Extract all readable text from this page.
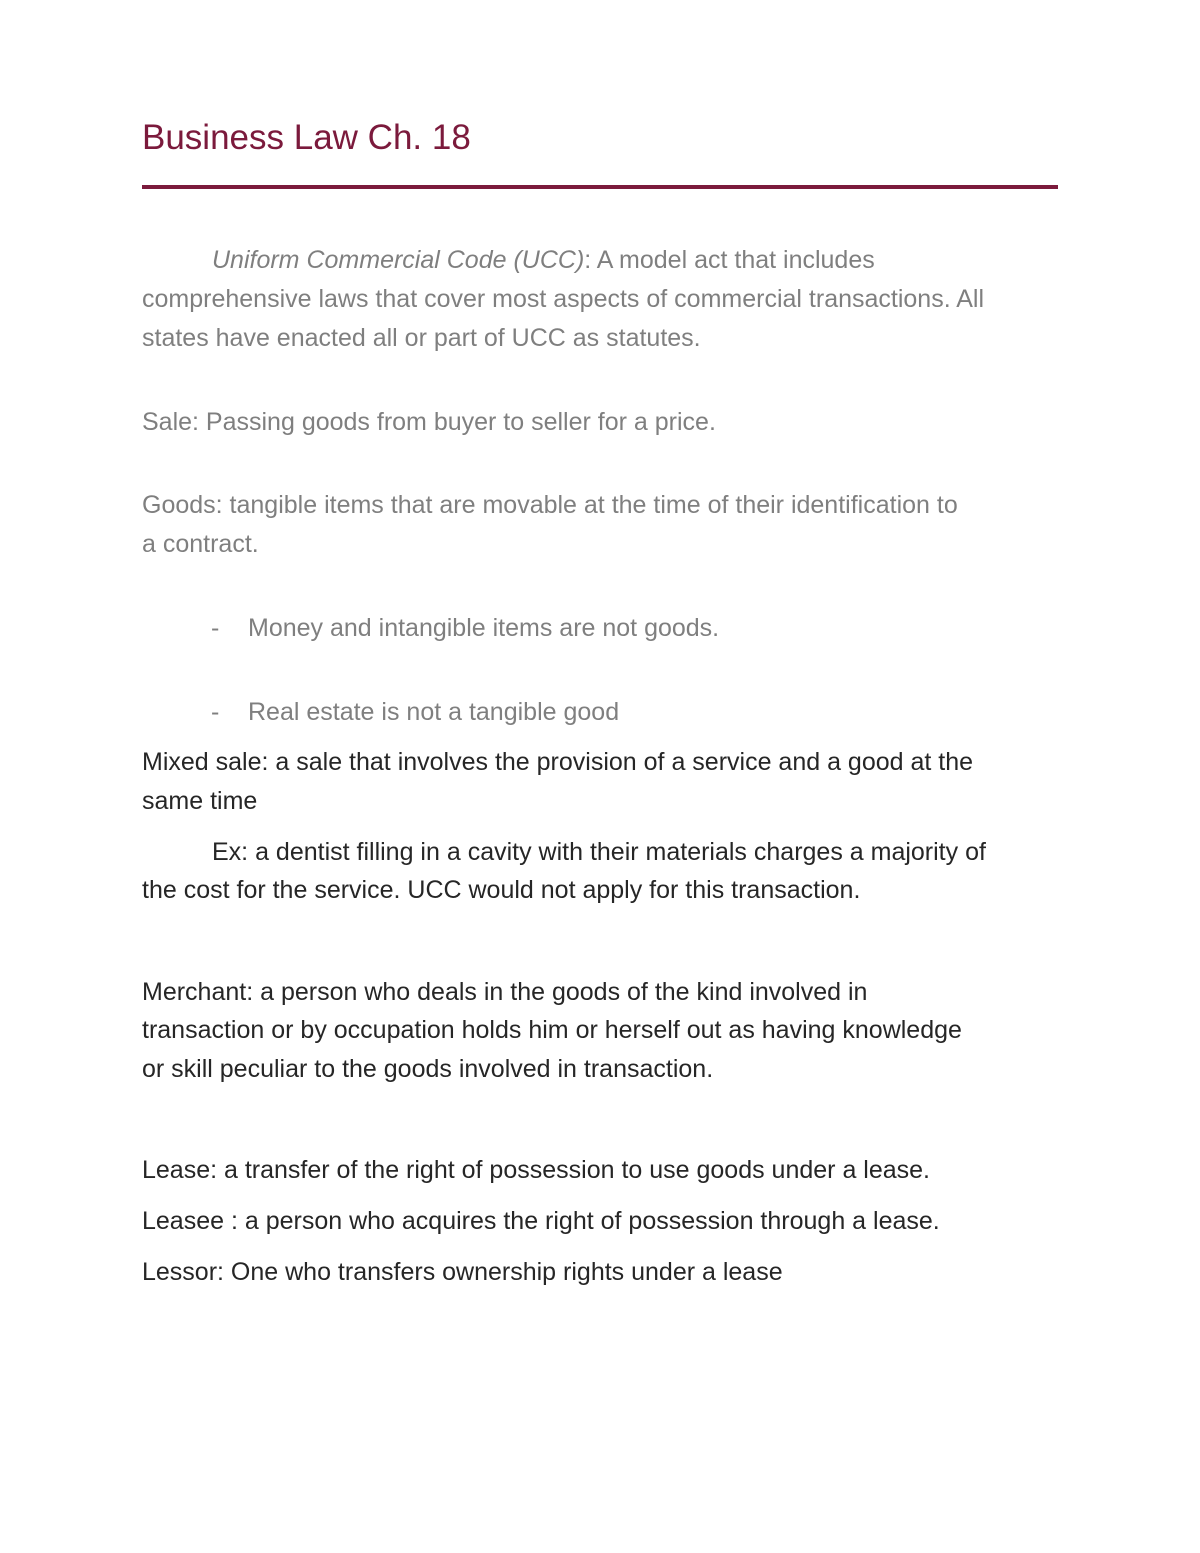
Business Law Ch. 18
Uniform Commercial Code (UCC): A model act that includes
comprehensive laws that cover most aspects of commercial transactions. All
states have enacted all or part of UCC as statutes.
Sale: Passing goods from buyer to seller for a price.
Goods: tangible items that are movable at the time of their identification to
a contract.
- Money and intangible items are not goods.
- Real estate is not a tangible good
Mixed sale: a sale that involves the provision of a service and a good at the
same time
Ex: a dentist filling in a cavity with their materials charges a majority of
the cost for the service. UCC would not apply for this transaction.
Merchant: a person who deals in the goods of the kind involved in
transaction or by occupation holds him or herself out as having knowledge
or skill peculiar to the goods involved in transaction.
Lease: a transfer of the right of possession to use goods under a lease.
Leasee : a person who acquires the right of possession through a lease.
Lessor: One who transfers ownership rights under a lease
